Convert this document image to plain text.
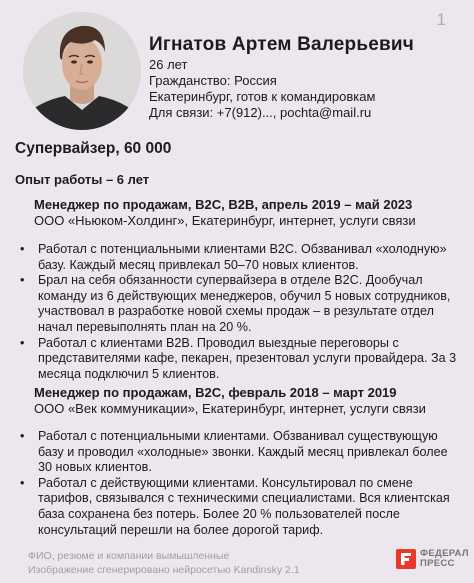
1
Игнатов Артем Валерьевич
26 лет
Гражданство: Россия
Екатеринбург, готов к командировкам
Для связи: +7(912)..., pochta@mail.ru
Супервайзер, 60 000
Опыт работы – 6 лет
Менеджер по продажам, B2C, B2B, апрель 2019 – май 2023
ООО «Ньюком-Холдинг», Екатеринбург, интернет, услуги связи
• Работал с потенциальными клиентами B2C. Обзванивал «холодную»
базу. Каждый месяц привлекал 50–70 новых клиентов.
• Брал на себя обязанности супервайзера в отделе B2C. Дообучал
команду из 6 действующих менеджеров, обучил 5 новых сотрудников,
участвовал в разработке новой схемы продаж – в результате отдел
начал перевыполнять план на 20 %.
• Работал с клиентами B2B. Проводил выездные переговоры с
представителями кафе, пекарен, презентовал услуги провайдера. За 3
месяца подключил 5 клиентов.
Менеджер по продажам, B2C, февраль 2018 – март 2019
ООО «Век коммуникации», Екатеринбург, интернет, услуги связи
• Работал с потенциальными клиентами. Обзванивал существующую
базу и проводил «холодные» звонки. Каждый месяц привлекал более
30 новых клиентов.
• Работал с действующими клиентами. Консультировал по смене
тарифов, связывался с техническими специалистами. Вся клиентская
база сохранена без потерь. Более 20 % пользователей после
консультаций перешли на более дорогой тариф.
ФИО, резюме и компании вымышленные
Изображение сгенерировано нейросетью Kandinsky 2.1
ФЕДЕРАЛ
ПРЕСС
